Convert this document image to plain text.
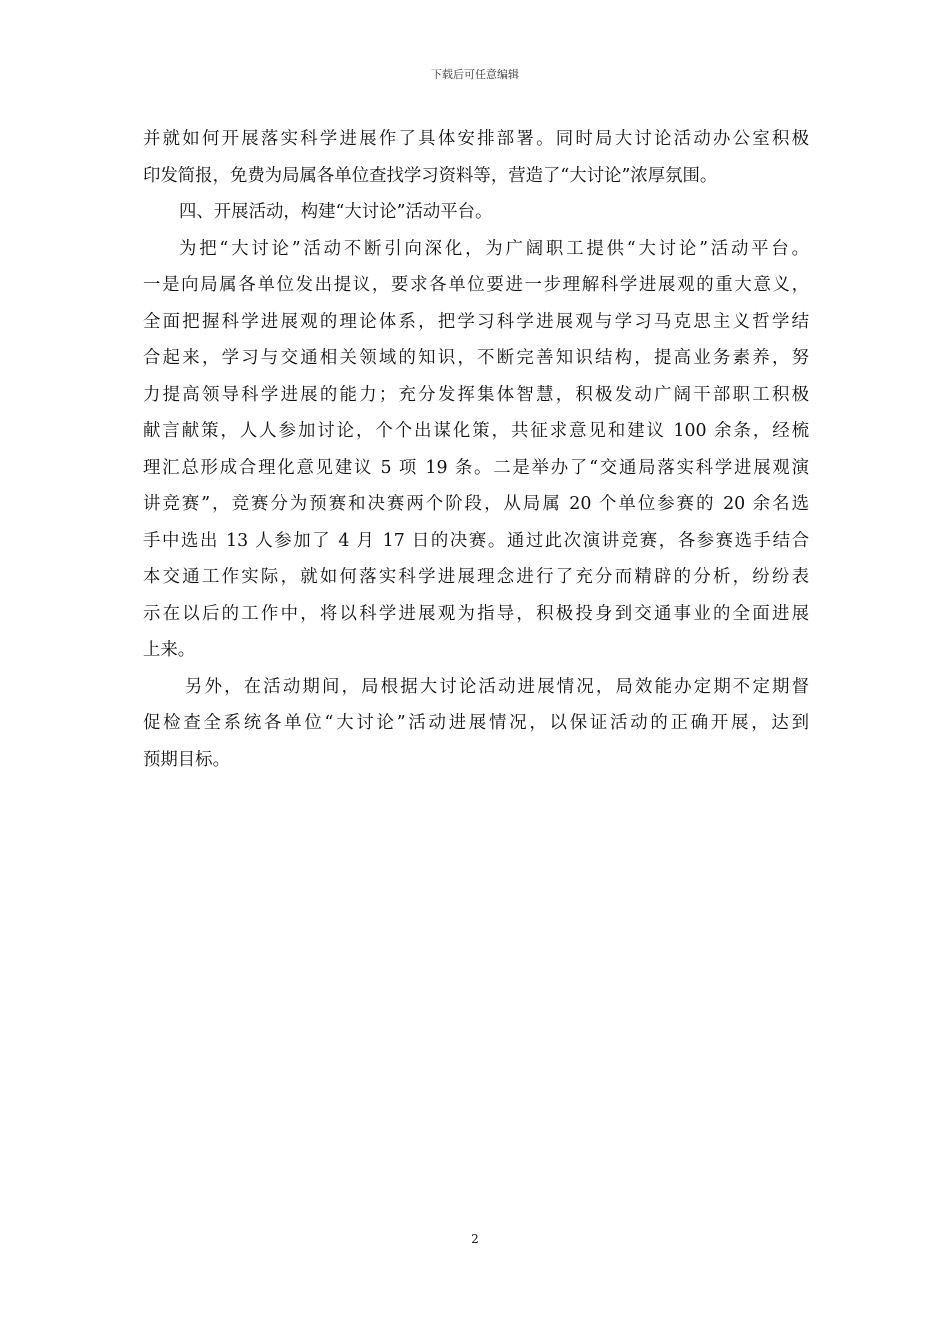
下载后可任意编辑
并就如何开展落实科学进展作了具体安排部署。同时局大讨论活动办公室积极
印发简报，免费为局属各单位查找学习资料等，营造了“大讨论”浓厚氛围。
四、开展活动，构建“大讨论”活动平台。
为把“大讨论”活动不断引向深化，为广阔职工提供“大讨论”活动平台。
一是向局属各单位发出提议，要求各单位要进一步理解科学进展观的重大意义，
全面把握科学进展观的理论体系，把学习科学进展观与学习马克思主义哲学结
合起来，学习与交通相关领域的知识，不断完善知识结构，提高业务素养，努
力提高领导科学进展的能力；充分发挥集体智慧，积极发动广阔干部职工积极
献言献策，人人参加讨论，个个出谋化策，共征求意见和建议 100 余条，经梳
理汇总形成合理化意见建议 5 项 19 条。二是举办了“交通局落实科学进展观演
讲竞赛”，竞赛分为预赛和决赛两个阶段，从局属 20 个单位参赛的 20 余名选
手中选出 13 人参加了 4 月 17 日的决赛。通过此次演讲竞赛，各参赛选手结合
本交通工作实际，就如何落实科学进展理念进行了充分而精辟的分析，纷纷表
示在以后的工作中，将以科学进展观为指导，积极投身到交通事业的全面进展
上来。
另外，在活动期间，局根据大讨论活动进展情况，局效能办定期不定期督
促检查全系统各单位“大讨论”活动进展情况，以保证活动的正确开展，达到
预期目标。
2
